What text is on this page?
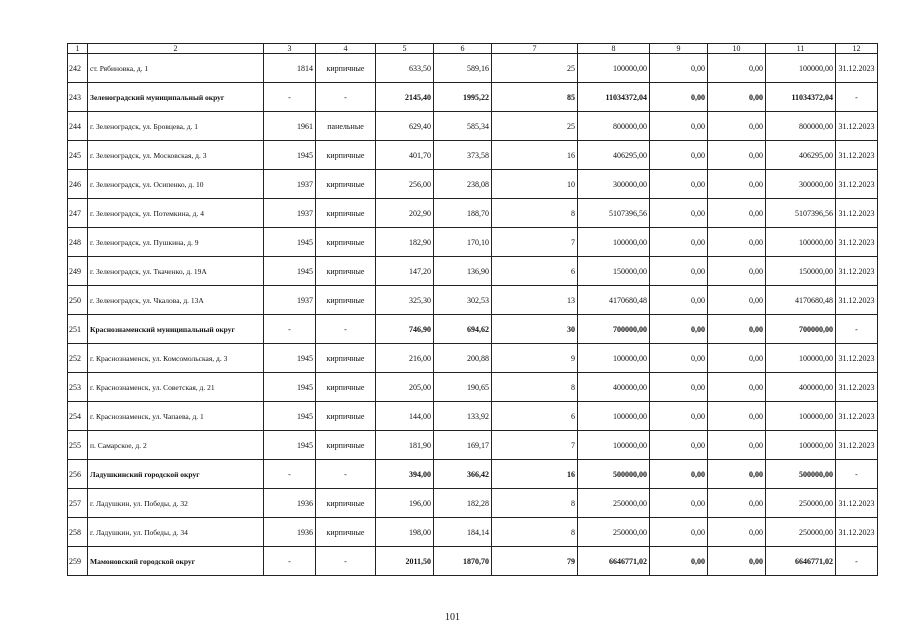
1	2	3	4	5	6	7	8	9	10	11	12
242	ст. Рябиновка, д. 1	1814	кирпичные	633,50	589,16	25	100000,00	0,00	0,00	100000,00	31.12.2023
243	Зеленоградский муниципальный округ	-	-	2145,40	1995,22	85	11034372,04	0,00	0,00	11034372,04	-
244	г. Зеленоградск, ул. Бровцева, д. 1	1961	панельные	629,40	585,34	25	800000,00	0,00	0,00	800000,00	31.12.2023
245	г. Зеленоградск, ул. Московская, д. 3	1945	кирпичные	401,70	373,58	16	406295,00	0,00	0,00	406295,00	31.12.2023
246	г. Зеленоградск, ул. Осипенко, д. 10	1937	кирпичные	256,00	238,08	10	300000,00	0,00	0,00	300000,00	31.12.2023
247	г. Зеленоградск, ул. Потемкина, д. 4	1937	кирпичные	202,90	188,70	8	5107396,56	0,00	0,00	5107396,56	31.12.2023
248	г. Зеленоградск, ул. Пушкина, д. 9	1945	кирпичные	182,90	170,10	7	100000,00	0,00	0,00	100000,00	31.12.2023
249	г. Зеленоградск, ул. Ткаченко, д. 19А	1945	кирпичные	147,20	136,90	6	150000,00	0,00	0,00	150000,00	31.12.2023
250	г. Зеленоградск, ул. Чкалова, д. 13А	1937	кирпичные	325,30	302,53	13	4170680,48	0,00	0,00	4170680,48	31.12.2023
251	Краснознаменский муниципальный округ	-	-	746,90	694,62	30	700000,00	0,00	0,00	700000,00	-
252	г. Краснознаменск, ул. Комсомольская, д. 3	1945	кирпичные	216,00	200,88	9	100000,00	0,00	0,00	100000,00	31.12.2023
253	г. Краснознаменск, ул. Советская, д. 21	1945	кирпичные	205,00	190,65	8	400000,00	0,00	0,00	400000,00	31.12.2023
254	г. Краснознаменск, ул. Чапаева, д. 1	1945	кирпичные	144,00	133,92	6	100000,00	0,00	0,00	100000,00	31.12.2023
255	п. Самарское, д. 2	1945	кирпичные	181,90	169,17	7	100000,00	0,00	0,00	100000,00	31.12.2023
256	Ладушкинский городской округ	-	-	394,00	366,42	16	500000,00	0,00	0,00	500000,00	-
257	г. Ладушкин, ул. Победы, д. 32	1936	кирпичные	196,00	182,28	8	250000,00	0,00	0,00	250000,00	31.12.2023
258	г. Ладушкин, ул. Победы, д. 34	1936	кирпичные	198,00	184,14	8	250000,00	0,00	0,00	250000,00	31.12.2023
259	Мамоновский городской округ	-	-	2011,50	1870,70	79	6646771,02	0,00	0,00	6646771,02	-
101
